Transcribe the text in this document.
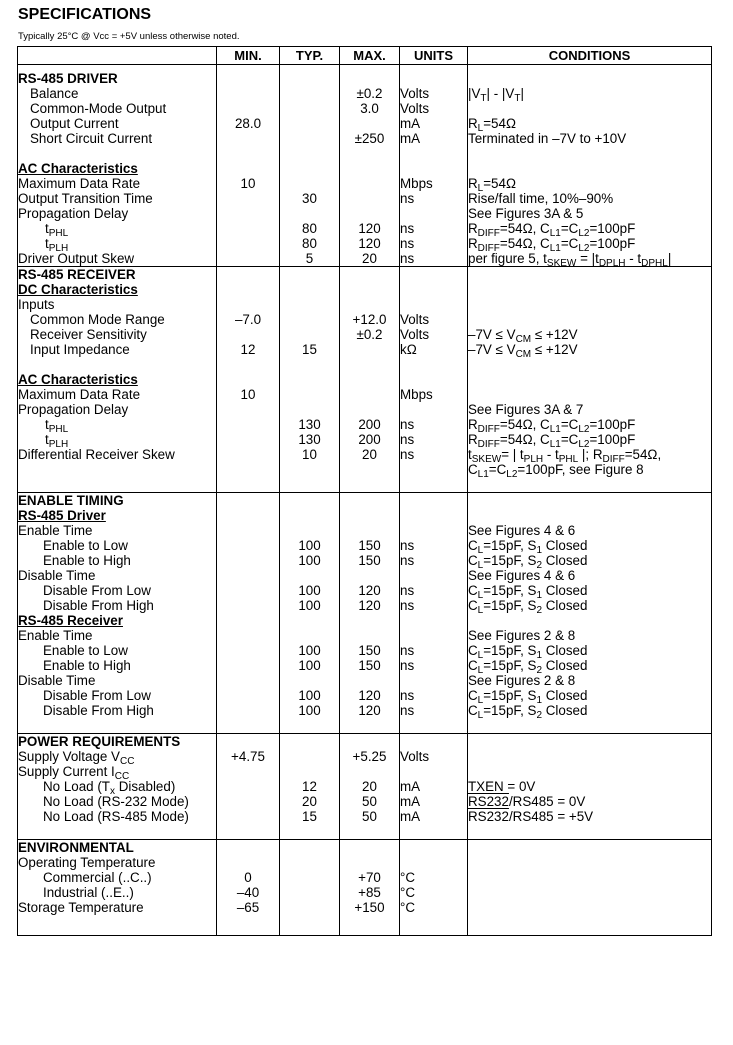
SPECIFICATIONS
Typically 25°C @ Vcc = +5V unless otherwise noted.
	MIN.	TYP.	MAX.	UNITS	CONDITIONS
RS-485 DRIVER					
Balance			±0.2	Volts	$|V_T| - |V_T|$
Common-Mode Output			3.0	Volts	
Output Current	28.0			mA	$R_L=54\Omega$
Short Circuit Current			±250	mA	Terminated in –7V to +10V

AC Characteristics					
Maximum Data Rate	10			Mbps	$R_L=54\Omega$
Output Transition Time		30		ns	Rise/fall time, 10%–90%
Propagation Delay					See Figures 3A & 5
$t_{PHL}$		80	120	ns	$R_{DIFF}=54\Omega$, $C_{L1}=C_{L2}=100pF$
$t_{PLH}$		80	120	ns	$R_{DIFF}=54\Omega$, $C_{L1}=C_{L2}=100pF$
Driver Output Skew		5	20	ns	per figure 5, $t_{SKEW} = |t_{DPLH} - t_{DPHL}|$
RS-485 RECEIVER					
DC Characteristics					
Inputs					
Common Mode Range	–7.0		+12.0	Volts	
Receiver Sensitivity			±0.2	Volts	$-7V \le V_{CM} \le +12V$
Input Impedance	12	15		kΩ	$-7V \le V_{CM} \le +12V$

AC Characteristics					
Maximum Data Rate	10			Mbps	
Propagation Delay					See Figures 3A & 7
$t_{PHL}$		130	200	ns	$R_{DIFF}=54\Omega$, $C_{L1}=C_{L2}=100pF$
$t_{PLH}$		130	200	ns	$R_{DIFF}=54\Omega$, $C_{L1}=C_{L2}=100pF$
Differential Receiver Skew		10	20	ns	$t_{SKEW}=$ | $t_{PLH} - t_{PHL}$ |; $R_{DIFF}=54\Omega$,
					$C_{L1}=C_{L2}=100pF$, see Figure 8

ENABLE TIMING					
RS-485 Driver					
Enable Time					See Figures 4 & 6
Enable to Low		100	150	ns	$C_L=15pF$, $S_1$ Closed
Enable to High		100	150	ns	$C_L=15pF$, $S_2$ Closed
Disable Time					See Figures 4 & 6
Disable From Low		100	120	ns	$C_L=15pF$, $S_1$ Closed
Disable From High		100	120	ns	$C_L=15pF$, $S_2$ Closed
RS-485 Receiver					
Enable Time					See Figures 2 & 8
Enable to Low		100	150	ns	$C_L=15pF$, $S_1$ Closed
Enable to High		100	150	ns	$C_L=15pF$, $S_2$ Closed
Disable Time					See Figures 2 & 8
Disable From Low		100	120	ns	$C_L=15pF$, $S_1$ Closed
Disable From High		100	120	ns	$C_L=15pF$, $S_2$ Closed

POWER REQUIREMENTS					
Supply Voltage $V_{CC}$	+4.75		+5.25	Volts	
Supply Current $I_{CC}$					
No Load ($T_x$ Disabled)		12	20	mA	TXEN = 0V
No Load (RS-232 Mode)		20	50	mA	RS232/RS485 = 0V
No Load (RS-485 Mode)		15	50	mA	RS232/RS485 = +5V

ENVIRONMENTAL					
Operating Temperature					
Commercial (..C..)	0		+70	°C	
Industrial (..E..)	–40		+85	°C	
Storage Temperature	–65		+150	°C	
